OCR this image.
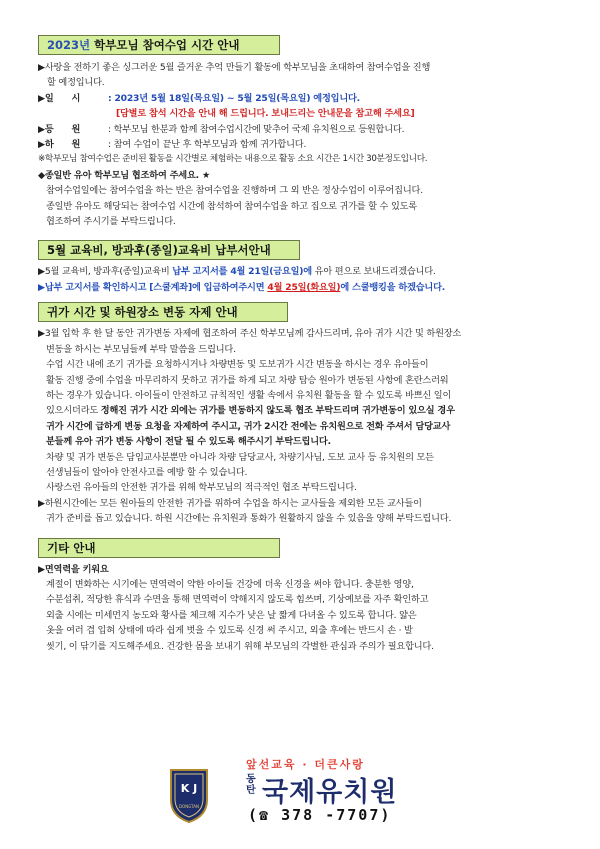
2023년 학부모님 참여수업 시간 안내

▶사랑을 전하기 좋은 싱그러운 5월 즐거운 추억 만들기 활동에 학부모님을 초대하여 참여수업을 진행

할 예정입니다.

▶일      시	: 2023년 5월 18일(목요일) ~ 5월 25일(목요일) 예정입니다.

[담별로 참석 시간을 안내 해 드립니다. 보내드리는 안내문을 참고해 주세요]

▶등      원	: 학부모님 한분과 함께 참여수업시간에 맞추어 국제 유치원으로 등원합니다.
▶하      원	: 참여 수업이 끝난 후 학부모님과 함께 귀가합니다.

※학부모님 참여수업은 준비된 활동을 시간별로 체험하는 내용으로 활동 소요 시간은 1시간 30분정도입니다.

◆종일반 유아 학부모님 협조하여 주세요. ★

참여수업일에는 참여수업을 하는 반은 참여수업을 진행하며 그 외 반은 정상수업이 이루어집니다.

종일반 유아도 해당되는 참여수업 시간에 참석하여 참여수업을 하고 집으로 귀가를 할 수 있도록

협조하여 주시기를 부탁드립니다.

5월 교육비, 방과후(종일)교육비 납부서안내

▶5월 교육비, 방과후(종일)교육비 납부 고지서를 4월 21일(금요일)에 유아 편으로 보내드리겠습니다.

▶납부 고지서를 확인하시고 [스쿨계좌]에 입금하여주시면 4월 25일(화요일)에 스쿨뱅킹을 하겠습니다.

귀가 시간 및 하원장소 변동 자제 안내

▶3월 입학 후 한 달 동안 귀가변동 자제에 협조하여 주신 학부모님께 감사드리며, 유아 귀가 시간 및 하원장소

변동을 하시는 부모님들께 부탁 말씀을 드립니다.

수업 시간 내에 조기 귀가를 요청하시거나 차량변동 및 도보귀가 시간 변동을 하시는 경우 유아들이

활동 진행 중에 수업을 마무리하지 못하고 귀가를 하게 되고 차량 탑승 원아가 변동된 사항에 혼란스러워

하는 경우가 있습니다. 아이들이 안전하고 규칙적인 생활 속에서 유치원 활동을 할 수 있도록 바쁘신 일이

있으시더라도 정해진 귀가 시간 외에는 귀가를 변동하지 않도록 협조 부탁드리며 귀가변동이 있으실 경우

귀가 시간에 급하게 변동 요청을 자제하여 주시고, 귀가 2시간 전에는 유치원으로 전화 주셔서 담당교사

분들께 유아 귀가 변동 사항이 전달 될 수 있도록 해주시기 부탁드립니다.

차량 및 귀가 변동은 담임교사분뿐만 아니라 차량 담당교사, 차량기사님, 도보 교사 등 유치원의 모든

선생님들이 알아야 안전사고를 예방 할 수 있습니다.

사랑스런 유아들의 안전한 귀가를 위해 학부모님의 적극적인 협조 부탁드립니다.

▶하원시간에는 모든 원아들의 안전한 귀가를 위하여 수업을 하시는 교사들을 제외한 모든 교사들이

귀가 준비를 돕고 있습니다. 하원 시간에는 유치원과 통화가 원활하지 않을 수 있음을 양해 부탁드립니다.

기타 안내

▶면역력을 키워요

계절이 변화하는 시기에는 면역력이 약한 아이들 건강에 더욱 신경을 써야 합니다. 충분한 영양,

수분섭취, 적당한 휴식과 수면을 통해 면역력이 약해지지 않도록 힘쓰며, 기상예보를 자주 확인하고

외출 시에는 미세먼지 농도와 황사를 체크해 지수가 낮은 날 짧게 다녀올 수 있도록 합니다. 얇은

옷을 여러 겹 입혀 상태에 따라 쉽게 벗을 수 있도록 신경 써 주시고, 외출 후에는 반드시 손 · 발

씻기, 이 닦기를 지도해주세요. 건강한 몸을 보내기 위해 부모님의 각별한 관심과 주의가 필요합니다.

K J
DONGTAN
앞선교육 · 더큰사랑
동탄 국제유치원
(☎ 378 -7707)
